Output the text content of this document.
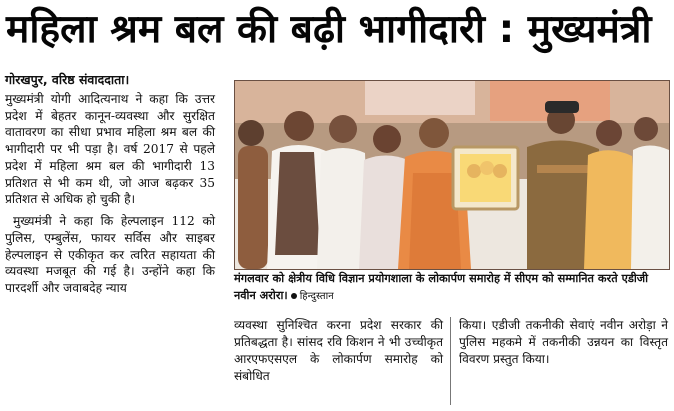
महिला श्रम बल की बढ़ी भागीदारी : मुख्यमंत्री
गोरखपुर, वरिष्ठ संवाददाता।
मुख्यमंत्री योगी आदित्यनाथ ने कहा कि उत्तर प्रदेश में बेहतर कानून-व्यवस्था और सुरक्षित वातावरण का सीधा प्रभाव महिला श्रम बल की भागीदारी पर भी पड़ा है। वर्ष 2017 से पहले प्रदेश में महिला श्रम बल की भागीदारी 13 प्रतिशत से भी कम थी, जो आज बढ़कर 35 प्रतिशत से अधिक हो चुकी है।
मुख्यमंत्री ने कहा कि हेल्पलाइन 112 को पुलिस, एम्बुलेंस, फायर सर्विस और साइबर हेल्पलाइन से एकीकृत कर त्वरित सहायता की व्यवस्था मजबूत की गई है। उन्होंने कहा कि पारदर्शी और जवाबदेह न्याय
मंगलवार को क्षेत्रीय विधि विज्ञान प्रयोगशाला के लोकार्पण समारोह में सीएम को सम्मानित करते एडीजी नवीन अरोरा। हिन्दुस्तान
व्यवस्था सुनिश्चित करना प्रदेश सरकार की प्रतिबद्धता है। सांसद रवि किशन ने भी उच्चीकृत आरएफएसएल के लोकार्पण समारोह को संबोधित
किया। एडीजी तकनीकी सेवाएं नवीन अरोड़ा ने पुलिस महकमे में तकनीकी उन्नयन का विस्तृत विवरण प्रस्तुत किया।
